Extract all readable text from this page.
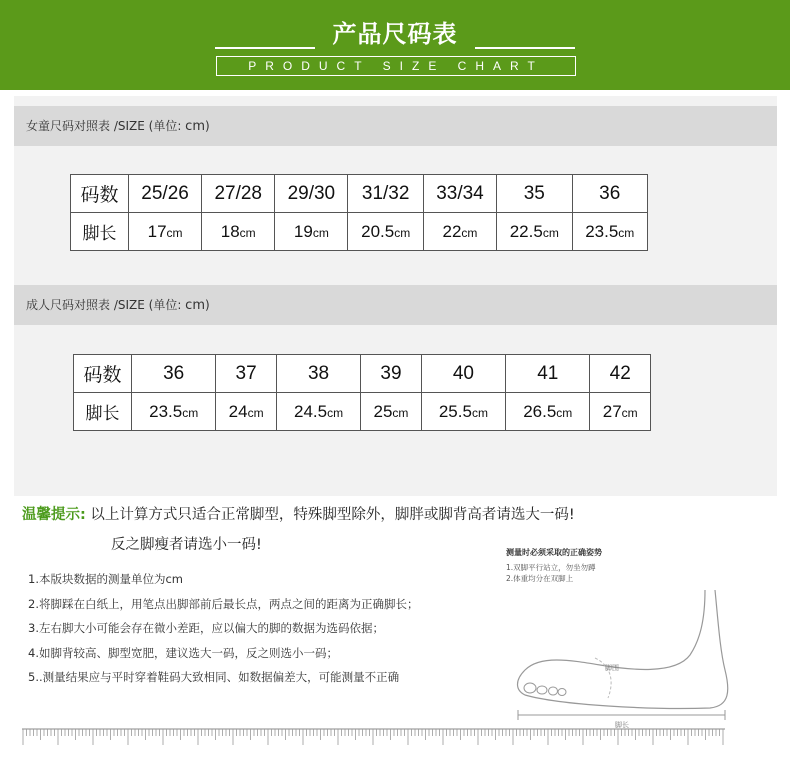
产品尺码表
PRODUCT SIZE CHART
女童尺码对照表 /SIZE (单位: cm)
码数	25/26	27/28	29/30	31/32	33/34	35	36
脚长	17cm	18cm	19cm	20.5cm	22cm	22.5cm	23.5cm
成人尺码对照表 /SIZE (单位: cm)
码数	36	37	38	39	40	41	42
脚长	23.5cm	24cm	24.5cm	25cm	25.5cm	26.5cm	27cm
温馨提示: 以上计算方式只适合正常脚型，特殊脚型除外，脚胖或脚背高者请选大一码!
反之脚瘦者请选小一码!
1.本版块数据的测量单位为cm
2.将脚踩在白纸上，用笔点出脚部前后最长点，两点之间的距离为正确脚长；
3.左右脚大小可能会存在微小差距，应以偏大的脚的数据为选码依据；
4.如脚背较高、脚型宽肥，建议选大一码，反之则选小一码；
5..测量结果应与平时穿着鞋码大致相同、如数据偏差大，可能测量不正确
测量时必须采取的正确姿势
1.双脚平行站立，勿坐勿蹲
2.体重均分在双脚上
脚围
脚长
